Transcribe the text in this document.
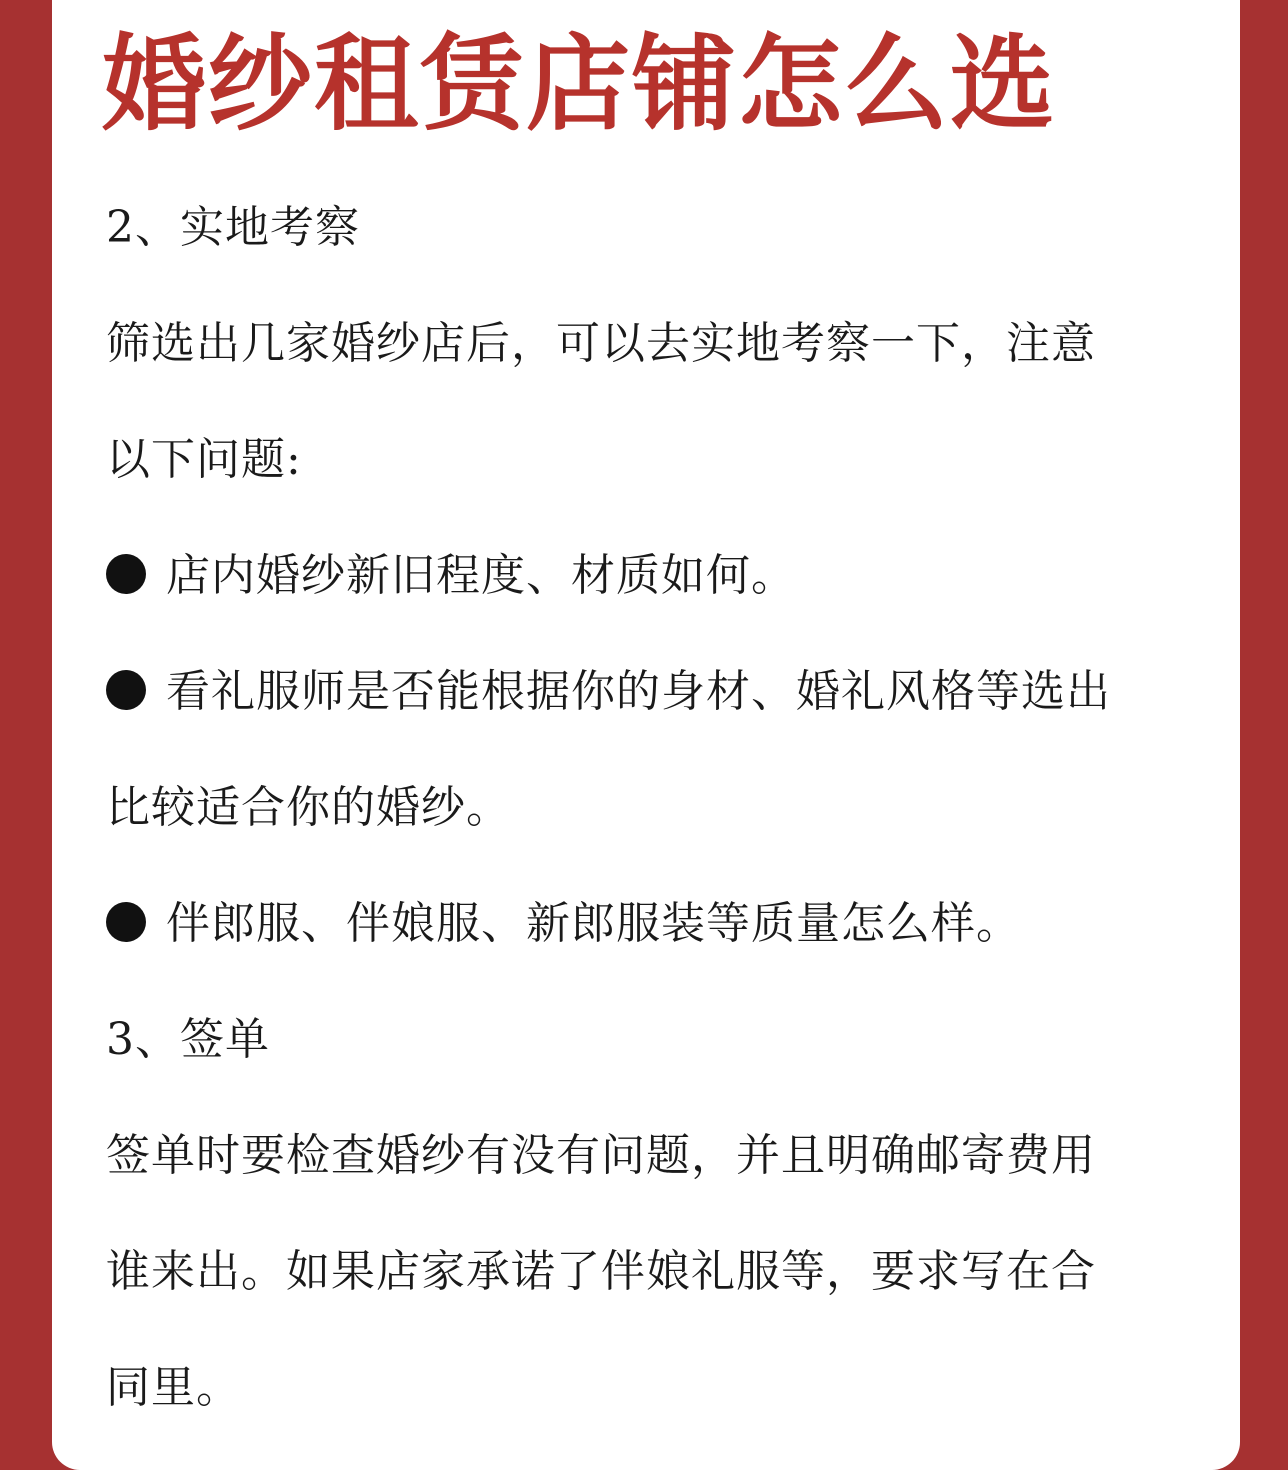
婚纱租赁店铺怎么选

2、实地考察

筛选出几家婚纱店后，可以去实地考察一下，注意

以下问题:

店内婚纱新旧程度、材质如何。

看礼服师是否能根据你的身材、婚礼风格等选出

比较适合你的婚纱。

伴郎服、伴娘服、新郎服装等质量怎么样。

3、签单

签单时要检查婚纱有没有问题，并且明确邮寄费用

谁来出。如果店家承诺了伴娘礼服等，要求写在合

同里。
